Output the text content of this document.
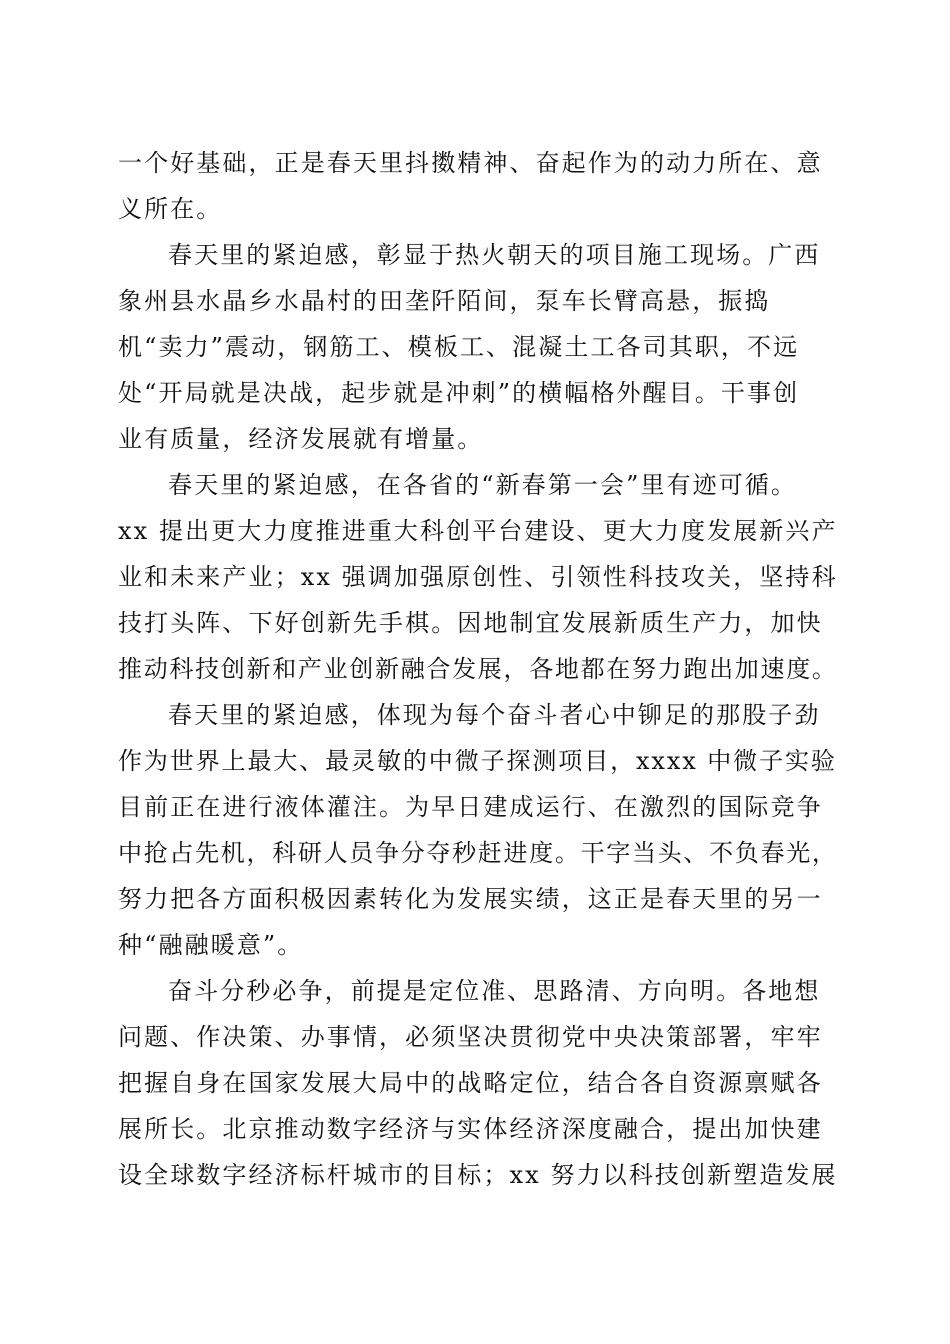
一个好基础，正是春天里抖擞精神、奋起作为的动力所在、意
义所在。
春天里的紧迫感，彰显于热火朝天的项目施工现场。广西
象州县水晶乡水晶村的田垄阡陌间，泵车长臂高悬，振捣
机“卖力”震动，钢筋工、模板工、混凝土工各司其职，不远
处“开局就是决战，起步就是冲刺”的横幅格外醒目。干事创
业有质量，经济发展就有增量。
春天里的紧迫感，在各省的“新春第一会”里有迹可循。
xx 提出更大力度推进重大科创平台建设、更大力度发展新兴产
业和未来产业；xx 强调加强原创性、引领性科技攻关，坚持科
技打头阵、下好创新先手棋。因地制宜发展新质生产力，加快
推动科技创新和产业创新融合发展，各地都在努力跑出加速度。
春天里的紧迫感，体现为每个奋斗者心中铆足的那股子劲
作为世界上最大、最灵敏的中微子探测项目，xxxx 中微子实验
目前正在进行液体灌注。为早日建成运行、在激烈的国际竞争
中抢占先机，科研人员争分夺秒赶进度。干字当头、不负春光，
努力把各方面积极因素转化为发展实绩，这正是春天里的另一
种“融融暖意”。
奋斗分秒必争，前提是定位准、思路清、方向明。各地想
问题、作决策、办事情，必须坚决贯彻党中央决策部署，牢牢
把握自身在国家发展大局中的战略定位，结合各自资源禀赋各
展所长。北京推动数字经济与实体经济深度融合，提出加快建
设全球数字经济标杆城市的目标；xx 努力以科技创新塑造发展
